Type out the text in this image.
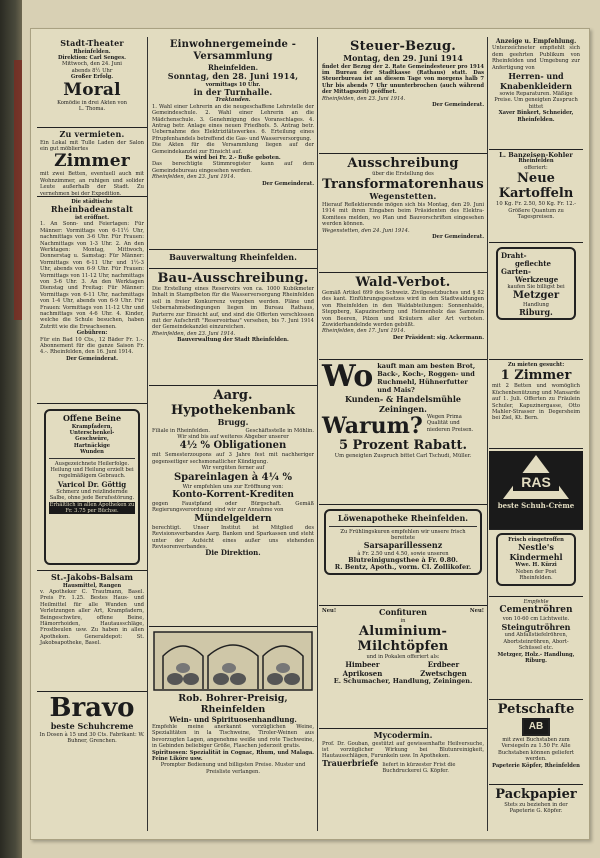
Stadt-Theater
Rheinfelden.
Direktion: Carl Senges.
Mittwoch, den 24. Juni
abends 8½ Uhr
Großer Erfolg.
Moral
Komödie in drei Akten von
L. Thoma.
Zu vermieten.
Ein Lokal mit Tulle Laden der Salon ein gut möbliertes
Zimmer
mit zwei Betten, eventuell auch mit Wohnzimmer, an ruhigen und solider Leute außerhalb der Stadt. Zu vernehmen bei der Expedition.
Die städtische
Rheinbadeanstalt
ist eröffnet.
1. An Sonn- und Feiertagen: Für Männer: Vormittags von 6-11½ Uhr, nachmittags von 3-6 Uhr. Für Frauen: Nachmittags von 1-3 Uhr. 2. An den Werktagen: Montag, Mittwoch, Donnerstag u. Samstag: Für Männer: Vormittags von 6-11 Uhr und 1½-3 Uhr, abends von 6-9 Uhr. Für Frauen: Vormittags von 11-12 Uhr, nachmittags von 3-6 Uhr. 3. An den Werktagen Dienstag und Freitag: Für Männer: Vormittags von 6-11 Uhr, nachmittags von 1-4 Uhr, abends von 6-9 Uhr. Für Frauen: Vormittags von 11-12 Uhr und nachmittags von 4-6 Uhr. 4. Kinder, welche die Schule besuchen, haben Zutritt wie die Erwachsenen.
Gebühren:
Für ein Bad 10 Cts., 12 Bäder Fr. 1.-. Abonnement für die ganze Saison Fr. 4.-. Rheinfelden, den 16. Juni 1914.
Der Gemeinderat.
Offene Beine
Krampfadern,
Unterschenkel-
Geschwüre,
Hartnäckige
Wunden
Ausgezeichnete Heilerfolge. Heilung und Heilung erzielt bei regelmäßigem Gebrauch.
Varicol Dr. Göttig
Schmerz und reizlindernde Salbe, ohne jede Berufsstörung.
Erhältlich in allen Apotheken zu Fr. 3.75 per Büchse.
St.-Jakobs-Balsam
Hausmittel, Rangen
v. Apotheker C. Trautmann, Basel. Preis Fr. 1.25. Bestes Haus- und Heilmittel für alle Wunden und Verletzungen aller Art, Krampfadern, Beingeschwüre, offene Beine, Hämorrhoiden, Hautausschläge, Frostbeulen usw. Zu haben in allen Apotheken. Generaldepot: St. Jakobsapotheke, Basel.
Bravo
beste Schuhcreme
In Dosen à 15 und 30 Cts. Fabrikant: W. Buhner, Grenchen.
Einwohnergemeinde - Versammlung
Rheinfelden.
Sonntag, den 28. Juni 1914,
vormittags 10 Uhr.
in der Turnhalle.
Traktanden.
1. Wahl einer Lehrerin an die neugeschaffene Lehrstelle der Gemeindeschule. 2. Wahl einer Lehrerin an die Mädchenschule. 3. Genehmigung des Voranschlages. 4. Antrag betr. Anlage eines neuen Friedhofs. 5. Antrag betr. Uebernahme des Elektrizitätswerkes. 6. Erteilung eines Pfrupfenhandels betreffend die Gas- und Wasserversorgung.
Die Akten für die Versammlung liegen auf der Gemeindekanzlei zur Einsicht auf.
Es wird bei Fr. 2.- Buße geboten.
Das berechtigte Stimmregister kann auf dem Gemeindebureau eingesehen werden.
Rheinfelden, den 23. Juni 1914.
Der Gemeinderat.
Bauverwaltung Rheinfelden.
Bau-Ausschreibung.
Die Erstellung eines Reservoirs von ca. 1000 Kubikmeter Inhalt in Stampfbeton für die Wasserversorgung Rheinfelden soll in freier Konkurrenz vergeben werden. Pläne und Uebernahmsbedingungen liegen im Bureau Rathaus, Parterre zur Einsicht auf, und sind die Offerten verschlossen mit der Aufschrift "Reservoirbau" versehen, bis 7. Juni 1914 der Gemeindekanzlei einzureichen.
Rheinfelden, den 23. Juni 1914.
Bauverwaltung der Stadt Rheinfelden.
Aarg. Hypothekenbank
Brugg.
Filiale in Rheinfelden.	Geschäftsstelle in Möhlin.
Wir sind bis auf weiteres Abgeber unserer
4½ % Obligationen
mit Semesterzoupons auf 3 Jahre fest mit nachheriger gegenseitiger sechsmonatlicher Kündigung.
Wir vergüten ferner auf
Spareinlagen à 4¼ %
Wir empfehlen uns zur Eröffnung von:
Konto-Korrent-Krediten
gegen Faustpfand oder Bürgschaft. Gemäß Regierungsverordnung sind wir zur Annahme von
Mündelgeldern
berechtigt. Unser Institut ist Mitglied des Revisionsverbandes Aarg. Banken und Sparkassen und steht unter der Aufsicht eines außer uns stehenden Revisorenverbandes.
Die Direktion.
Rob. Bohrer-Preisig, Rheinfelden
Wein- und Spirituosenhandlung.
Empfehle meine anerkannt vorzüglichen Weine, Spezialitäten in la Tischweine, Tiroler-Weinen aus bevorzugten Lagen, angenehme weiße und rote Tischweine, in Gebinden beliebiger Größe, Flaschen jederzeit gratis.
Spirituosen: Spezialität in Cognac, Rhum, und Malaga. Feine Liköre usw.
Prompter Bedienung und billigsten Preise. Muster und Preisliste verlangen.
Steuer-Bezug.
Montag, den 29. Juni 1914
findet der Bezug der 2. Rate Gemeindesteuer pro 1914 im Bureau der Stadtkasse (Rathaus) statt. Das Steuerbureau ist an diesem Tage von morgens halb 7 Uhr bis abends 7 Uhr ununterbrochen (auch während der Mittagszeit) geöffnet.
Rheinfelden, den 23. Juni 1914.
Der Gemeinderat.
Ausschreibung
über die Erstellung des
Transformatorenhaus
Wegenstetten.
Hierauf Reflektierende mögen sich bis Montag, den 29. Juni 1914 mit ihren Eingaben beim Präsidenten des Elektra-Komitees melden, wo Plan und Bauvorschriften eingesehen werden können.
Wegenstetten, den 24. Juni 1914.
Der Gemeinderat.
Wald-Verbot.
Gemäß Artikel 699 des Schweiz. Zivilgesetzbuches und § 82 des kant. Einführungsgesetzes wird in den Stadtwaldungen von Rheinfelden in den Waldabteilungen: Sonnenhalde, Steppberg, Kapuzinerberg und Heimenholz das Sammeln von Beeren, Pilzen und Kräutern aller Art verboten. Zuwiderhandelnde werden gebüßt.
Rheinfelden, den 17. Juni 1914.
Der Präsident: sig. Ackermann.
Wo kauft man am besten Brot, Back-, Koch-, Roggen- und Ruchmehl, Hühnerfutter und Mais?
Kunden- & Handelsmühle Zeiningen.
Warum? Wegen Prima Qualität und niederen Preisen.
5 Prozent Rabatt.
Um geneigten Zuspruch bittet Carl Tschudi, Müller.
Löwenapotheke Rheinfelden.
Zu Frühlingskuren empfehlen wir unsere frisch bereitete
Sarsaparillessenz
à Fr. 2.50 und 4.50, sowie unseren
Blutreinigungsthee à Fr. 0.80.
R. Bentz, Apoth., vorm. Cl. Zollikofer.
Neu!	Confituren	Neu!
in
Aluminium-Milchtöpfen
und in Pokalen offeriert als:
Himbeer	Erdbeer
Aprikosen	Zwetschgen
E. Schumacher, Handlung, Zeiningen.
Mycodermin.
Prof. Dr. Gouban, gestützt auf gewissenhafte Heilversuche, ist vorzüglicher Wirkung bei Blutunreinigkeit, Hautausschlägen, Furunkeln usw. In Apotheken.
Trauerbriefe liefert in kürzester Frist die Buchdruckerei G. Köpfer.
Anzeige u. Empfehlung.
Unterzeichneter empfiehlt sich dem geehrten Publikum von Rheinfelden und Umgebung zur Anfertigung von
Herren- und Knabenkleidern
sowie Reparaturen. Mäßige Preise. Um geneigten Zuspruch bittet
Xaver Binkert, Schneider, Rheinfelden.
L. Banzeisen-Kohler
Rheinfelden
offeriert:
Neue Kartoffeln
10 Kg. Fr. 2.50, 50 Kg. Fr. 12.-
Größere Quantum zu Tagespreisen.
Draht-
geflechte
Garten-
Werkzeuge
kaufen Sie billigst bei
Metzger
Handlung
Riburg.
Zu mieten gesucht:
1 Zimmer
mit 2 Betten und womöglich Küchenbenützung und Mansarde auf 1. Juli. Offerten zu Fräulein Schuler, Kapuzinergasse, Otto Mahler-Strasser in Degersheim bei Ziel, Kt. Bern.
RAS
beste Schuh-Crème
Frisch eingetroffen
Nestle's
Kindermehl
Wwe. H. Kürzi
Neben der Post Rheinfelden.
Empfehle
Cementröhren
von 10-60 cm Lichtweite.
Steingutröhren
und Abfallstiefelröhren, Abortsteinröhren, Abort-Schüssel etc.
Metzger, Holz.- Handlung, Riburg.
Petschafte
AB
mit zwei Buchstaben zum Versiegeln zu 1.50 Fr. Alle Buchstaben können geliefert werden.
Papeterie Köpfer, Rheinfelden
Packpapier
Stets zu beziehen in der Papeterie G. Köpfer.
